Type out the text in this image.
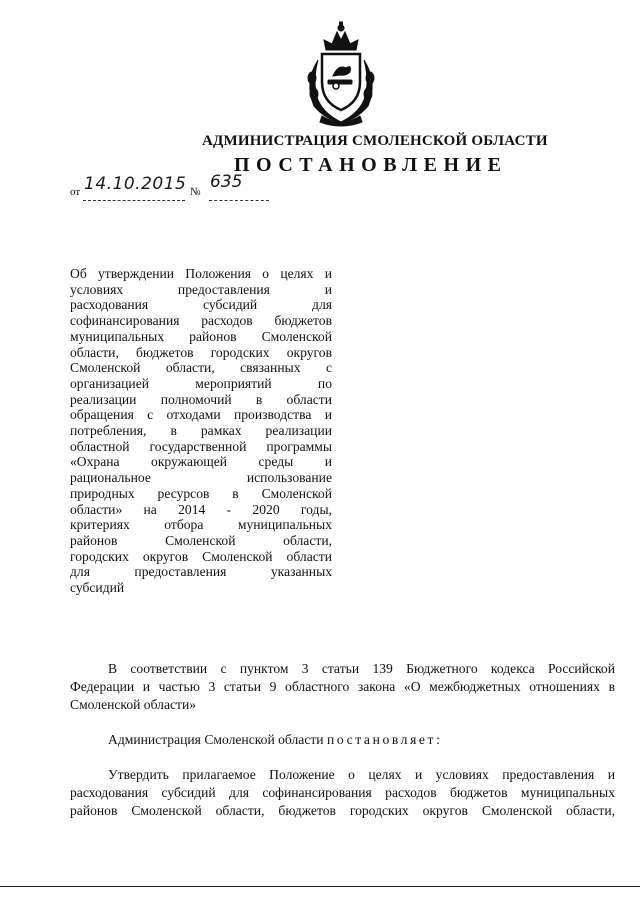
АДМИНИСТРАЦИЯ СМОЛЕНСКОЙ ОБЛАСТИ
ПОСТАНОВЛЕНИЕ
от 14.10.2015 № 635
Об утверждении Положения о целях и
условиях предоставления и
расходования субсидий для
софинансирования расходов бюджетов
муниципальных районов Смоленской
области, бюджетов городских округов
Смоленской области, связанных с
организацией мероприятий по
реализации полномочий в области
обращения с отходами производства и
потребления, в рамках реализации
областной государственной программы
«Охрана окружающей среды и
рациональное использование
природных ресурсов в Смоленской
области» на 2014 - 2020 годы,
критериях отбора муниципальных
районов Смоленской области,
городских округов Смоленской области
для предоставления указанных
субсидий
В соответствии с пунктом 3 статьи 139 Бюджетного кодекса Российской
Федерации и частью 3 статьи 9 областного закона «О межбюджетных отношениях в
Смоленской области»
Администрация Смоленской области постановляет:
Утвердить прилагаемое Положение о целях и условиях предоставления и
расходования субсидий для софинансирования расходов бюджетов муниципальных
районов Смоленской области, бюджетов городских округов Смоленской области,
